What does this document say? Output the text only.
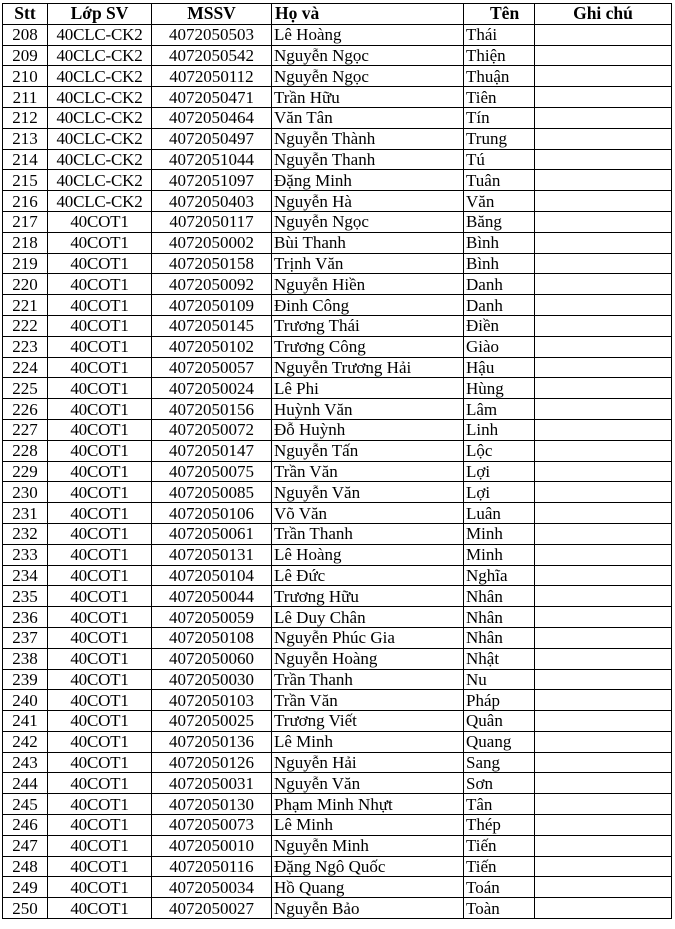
Stt	Lớp SV	MSSV	Họ và	Tên	Ghi chú
208	40CLC-CK2	4072050503	Lê Hoàng	Thái	
209	40CLC-CK2	4072050542	Nguyễn Ngọc	Thiện	
210	40CLC-CK2	4072050112	Nguyễn Ngọc	Thuận	
211	40CLC-CK2	4072050471	Trần Hữu	Tiên	
212	40CLC-CK2	4072050464	Văn Tân	Tín	
213	40CLC-CK2	4072050497	Nguyễn Thành	Trung	
214	40CLC-CK2	4072051044	Nguyễn Thanh	Tú	
215	40CLC-CK2	4072051097	Đặng Minh	Tuân	
216	40CLC-CK2	4072050403	Nguyễn Hà	Văn	
217	40COT1	4072050117	Nguyễn Ngọc	Băng	
218	40COT1	4072050002	Bùi Thanh	Bình	
219	40COT1	4072050158	Trịnh Văn	Bình	
220	40COT1	4072050092	Nguyễn Hiền	Danh	
221	40COT1	4072050109	Đinh Công	Danh	
222	40COT1	4072050145	Trương Thái	Điền	
223	40COT1	4072050102	Trương Công	Giào	
224	40COT1	4072050057	Nguyễn Trương Hải	Hậu	
225	40COT1	4072050024	Lê Phi	Hùng	
226	40COT1	4072050156	Huỳnh Văn	Lâm	
227	40COT1	4072050072	Đỗ Huỳnh	Linh	
228	40COT1	4072050147	Nguyễn Tấn	Lộc	
229	40COT1	4072050075	Trần Văn	Lợi	
230	40COT1	4072050085	Nguyễn Văn	Lợi	
231	40COT1	4072050106	Võ Văn	Luân	
232	40COT1	4072050061	Trần Thanh	Minh	
233	40COT1	4072050131	Lê Hoàng	Minh	
234	40COT1	4072050104	Lê Đức	Nghĩa	
235	40COT1	4072050044	Trương Hữu	Nhân	
236	40COT1	4072050059	Lê Duy Chân	Nhân	
237	40COT1	4072050108	Nguyễn Phúc Gia	Nhân	
238	40COT1	4072050060	Nguyễn Hoàng	Nhật	
239	40COT1	4072050030	Trần Thanh	Nu	
240	40COT1	4072050103	Trần Văn	Pháp	
241	40COT1	4072050025	Trương Viết	Quân	
242	40COT1	4072050136	Lê Minh	Quang	
243	40COT1	4072050126	Nguyễn Hải	Sang	
244	40COT1	4072050031	Nguyễn Văn	Sơn	
245	40COT1	4072050130	Phạm Minh Nhựt	Tân	
246	40COT1	4072050073	Lê Minh	Thép	
247	40COT1	4072050010	Nguyễn Minh	Tiến	
248	40COT1	4072050116	Đặng Ngô Quốc	Tiến	
249	40COT1	4072050034	Hồ Quang	Toán	
250	40COT1	4072050027	Nguyễn Bảo	Toàn	
